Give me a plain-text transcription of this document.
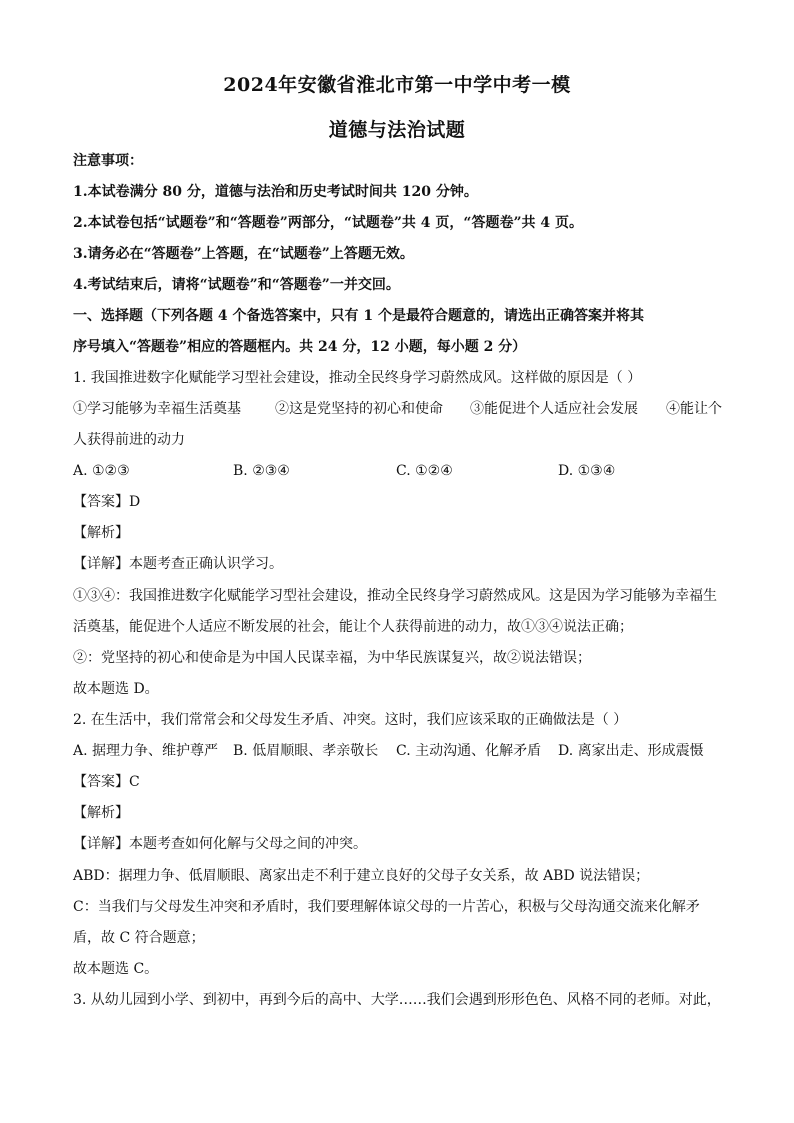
2024年安徽省淮北市第一中学中考一模
道德与法治试题
注意事项：
1.本试卷满分 80 分，道德与法治和历史考试时间共 120 分钟。
2.本试卷包括“试题卷”和“答题卷”两部分，“试题卷”共 4 页，“答题卷”共 4 页。
3.请务必在“答题卷”上答题，在“试题卷”上答题无效。
4.考试结束后，请将“试题卷”和“答题卷”一并交回。
一、选择题（下列各题 4 个备选答案中，只有 1 个是最符合题意的，请选出正确答案并将其
序号填入“答题卷”相应的答题框内。共 24 分，12 小题，每小题 2 分）
1. 我国推进数字化赋能学习型社会建设，推动全民终身学习蔚然成风。这样做的原因是（ ）
①学习能够为幸福生活奠基 ②这是党坚持的初心和使命 ③能促进个人适应社会发展 ④能让个
人获得前进的动力
A. ①②③	B. ②③④	C. ①②④	D. ①③④
【答案】D
【解析】
【详解】本题考查正确认识学习。
①③④：我国推进数字化赋能学习型社会建设，推动全民终身学习蔚然成风。这是因为学习能够为幸福生
活奠基，能促进个人适应不断发展的社会，能让个人获得前进的动力，故①③④说法正确；
②：党坚持的初心和使命是为中国人民谋幸福，为中华民族谋复兴，故②说法错误；
故本题选 D。
2. 在生活中，我们常常会和父母发生矛盾、冲突。这时，我们应该采取的正确做法是（ ）
A. 据理力争、维护尊严 B. 低眉顺眼、孝亲敬长 C. 主动沟通、化解矛盾 D. 离家出走、形成震慑
【答案】C
【解析】
【详解】本题考查如何化解与父母之间的冲突。
ABD：据理力争、低眉顺眼、离家出走不利于建立良好的父母子女关系，故 ABD 说法错误；
C：当我们与父母发生冲突和矛盾时，我们要理解体谅父母的一片苦心，积极与父母沟通交流来化解矛
盾，故 C 符合题意；
故本题选 C。
3. 从幼儿园到小学、到初中，再到今后的高中、大学……我们会遇到形形色色、风格不同的老师。对此，
